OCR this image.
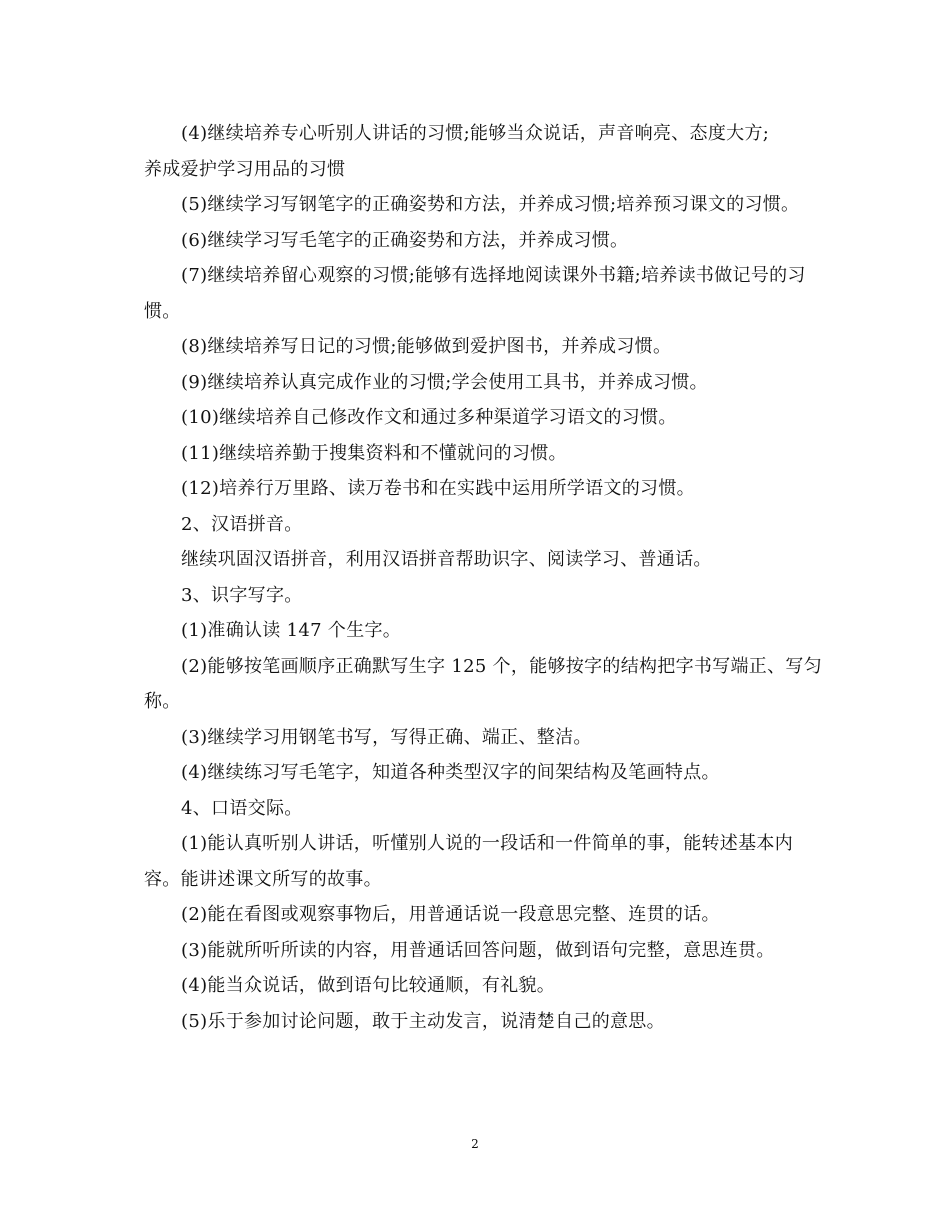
(4)继续培养专心听别人讲话的习惯;能够当众说话，声音响亮、态度大方;

养成爱护学习用品的习惯

(5)继续学习写钢笔字的正确姿势和方法，并养成习惯;培养预习课文的习惯。

(6)继续学习写毛笔字的正确姿势和方法，并养成习惯。

(7)继续培养留心观察的习惯;能够有选择地阅读课外书籍;培养读书做记号的习惯。

(8)继续培养写日记的习惯;能够做到爱护图书，并养成习惯。

(9)继续培养认真完成作业的习惯;学会使用工具书，并养成习惯。

(10)继续培养自己修改作文和通过多种渠道学习语文的习惯。

(11)继续培养勤于搜集资料和不懂就问的习惯。

(12)培养行万里路、读万卷书和在实践中运用所学语文的习惯。

2、汉语拼音。

继续巩固汉语拼音，利用汉语拼音帮助识字、阅读学习、普通话。

3、识字写字。

(1)准确认读 147 个生字。

(2)能够按笔画顺序正确默写生字 125 个，能够按字的结构把字书写端正、写匀称。

(3)继续学习用钢笔书写，写得正确、端正、整洁。

(4)继续练习写毛笔字，知道各种类型汉字的间架结构及笔画特点。

4、口语交际。

(1)能认真听别人讲话，听懂别人说的一段话和一件简单的事，能转述基本内容。能讲述课文所写的故事。

(2)能在看图或观察事物后，用普通话说一段意思完整、连贯的话。

(3)能就所听所读的内容，用普通话回答问题，做到语句完整，意思连贯。

(4)能当众说话，做到语句比较通顺，有礼貌。

(5)乐于参加讨论问题，敢于主动发言，说清楚自己的意思。

2
